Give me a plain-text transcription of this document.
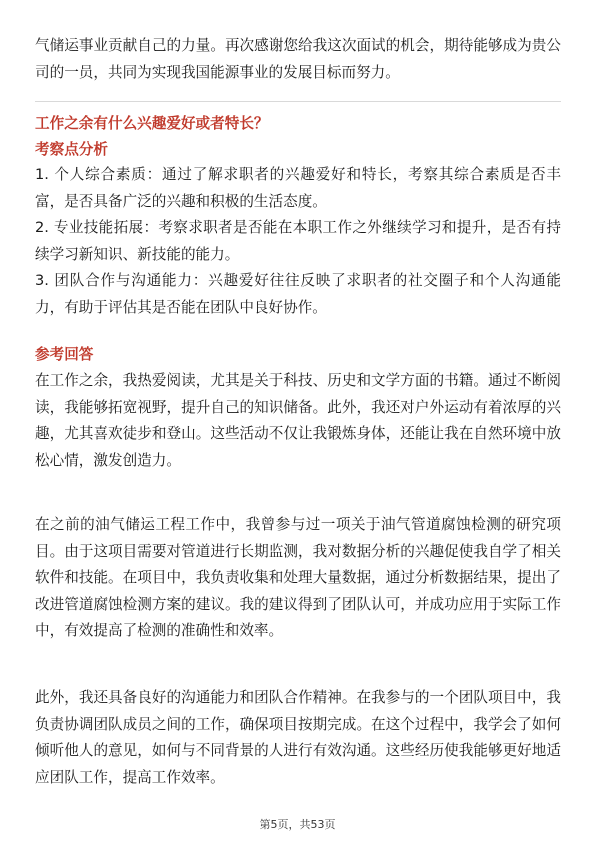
气储运事业贡献自己的力量。再次感谢您给我这次面试的机会，期待能够成为贵公司的一员，共同为实现我国能源事业的发展目标而努力。

工作之余有什么兴趣爱好或者特长？

考察点分析

1. 个人综合素质：通过了解求职者的兴趣爱好和特长，考察其综合素质是否丰富，是否具备广泛的兴趣和积极的生活态度。

2. 专业技能拓展：考察求职者是否能在本职工作之外继续学习和提升，是否有持续学习新知识、新技能的能力。

3. 团队合作与沟通能力：兴趣爱好往往反映了求职者的社交圈子和个人沟通能力，有助于评估其是否能在团队中良好协作。

参考回答

在工作之余，我热爱阅读，尤其是关于科技、历史和文学方面的书籍。通过不断阅读，我能够拓宽视野，提升自己的知识储备。此外，我还对户外运动有着浓厚的兴趣，尤其喜欢徒步和登山。这些活动不仅让我锻炼身体，还能让我在自然环境中放松心情，激发创造力。

在之前的油气储运工程工作中，我曾参与过一项关于油气管道腐蚀检测的研究项目。由于这项目需要对管道进行长期监测，我对数据分析的兴趣促使我自学了相关软件和技能。在项目中，我负责收集和处理大量数据，通过分析数据结果，提出了改进管道腐蚀检测方案的建议。我的建议得到了团队认可，并成功应用于实际工作中，有效提高了检测的准确性和效率。

此外，我还具备良好的沟通能力和团队合作精神。在我参与的一个团队项目中，我负责协调团队成员之间的工作，确保项目按期完成。在这个过程中，我学会了如何倾听他人的意见，如何与不同背景的人进行有效沟通。这些经历使我能够更好地适应团队工作，提高工作效率。

第5页，共53页
